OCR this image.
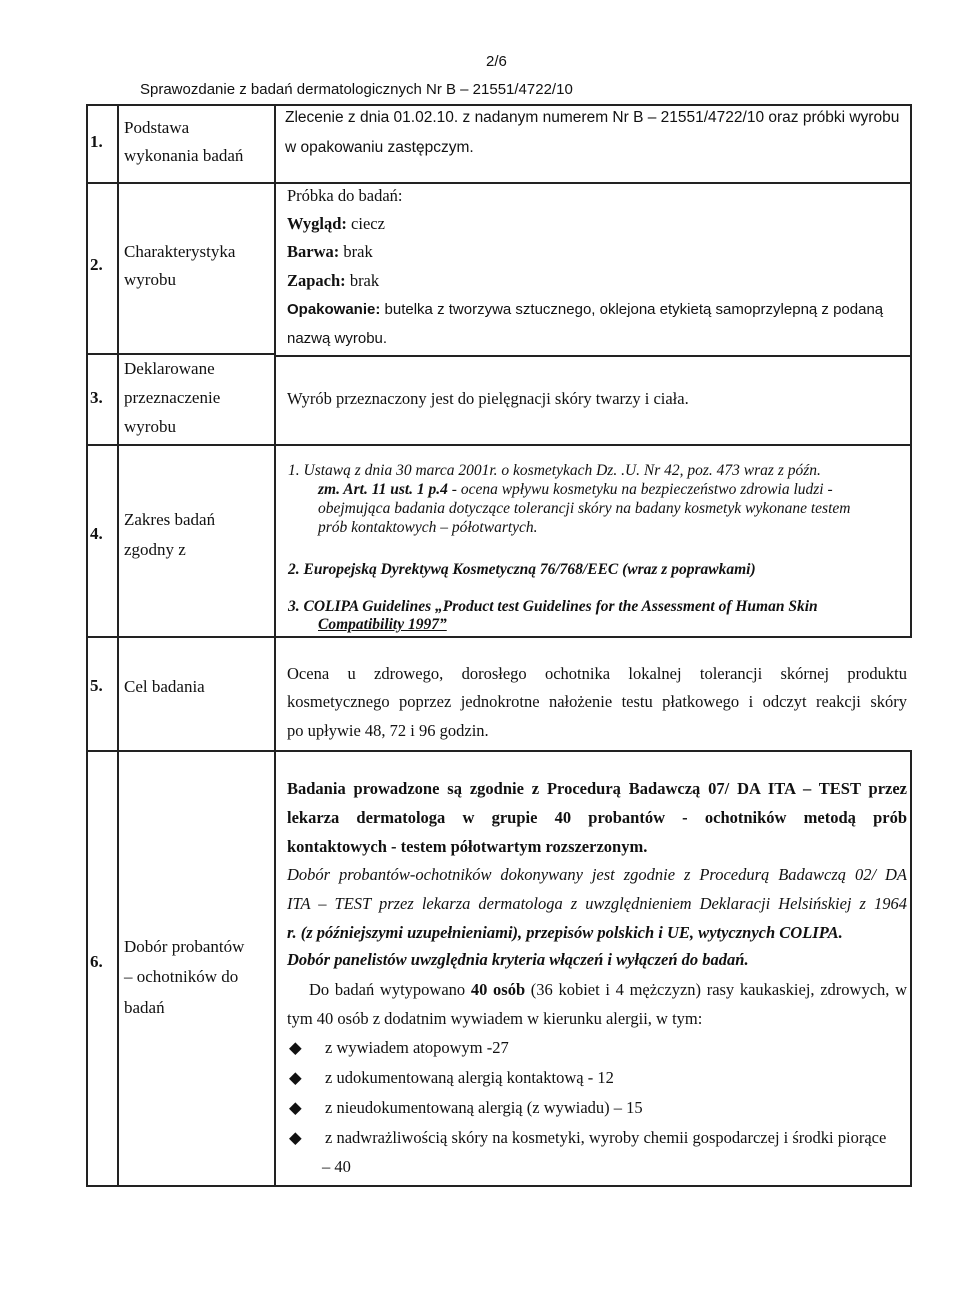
2/6
Sprawozdanie z badań dermatologicznych Nr B – 21551/4722/10
1.
Podstawa
wykonania badań
Zlecenie z dnia 01.02.10. z nadanym numerem Nr B – 21551/4722/10 oraz próbki wyrobu
w opakowaniu zastępczym.
2.
Charakterystyka
wyrobu
Próbka do badań:
Wygląd: ciecz
Barwa: brak
Zapach: brak
Opakowanie: butelka z tworzywa sztucznego, oklejona etykietą samoprzylepną z podaną
nazwą wyrobu.
3.
Deklarowane
przeznaczenie
wyrobu
Wyrób przeznaczony jest do pielęgnacji skóry twarzy i ciała.
4.
Zakres badań
zgodny z
1. Ustawą z dnia 30 marca 2001r. o kosmetykach Dz. .U. Nr 42, poz. 473 wraz z późn.
zm. Art. 11 ust. 1 p.4 - ocena wpływu kosmetyku na bezpieczeństwo zdrowia ludzi -
obejmująca badania dotyczące tolerancji skóry na badany kosmetyk wykonane testem
prób kontaktowych – półotwartych.
2. Europejską Dyrektywą Kosmetyczną 76/768/EEC (wraz z poprawkami)
3. COLIPA Guidelines „Product test Guidelines for the Assessment of Human Skin
Compatibility 1997”
5. Cel badania
Ocena u zdrowego, dorosłego ochotnika lokalnej tolerancji skórnej produktu
kosmetycznego poprzez jednokrotne nałożenie testu płatkowego i odczyt reakcji skóry
po upływie 48, 72 i 96 godzin.
6.
Dobór probantów
– ochotników do
badań
Badania prowadzone są zgodnie z Procedurą Badawczą 07/ DA ITA – TEST przez
lekarza dermatologa w grupie 40 probantów - ochotników metodą prób
kontaktowych - testem półotwartym rozszerzonym.
Dobór probantów-ochotników dokonywany jest zgodnie z Procedurą Badawczą 02/ DA
ITA – TEST przez lekarza dermatologa z uwzględnieniem Deklaracji Helsińskiej z 1964
r. (z późniejszymi uzupełnieniami), przepisów polskich i UE, wytycznych COLIPA.
Dobór panelistów uwzględnia kryteria włączeń i wyłączeń do badań.
Do badań wytypowano 40 osób (36 kobiet i 4 mężczyzn) rasy kaukaskiej, zdrowych, w
tym 40 osób z dodatnim wywiadem w kierunku alergii, w tym:
◆ z wywiadem atopowym -27
◆ z udokumentowaną alergią kontaktową - 12
◆ z nieudokumentowaną alergią (z wywiadu) – 15
◆ z nadwrażliwością skóry na kosmetyki, wyroby chemii gospodarczej i środki piorące
– 40
